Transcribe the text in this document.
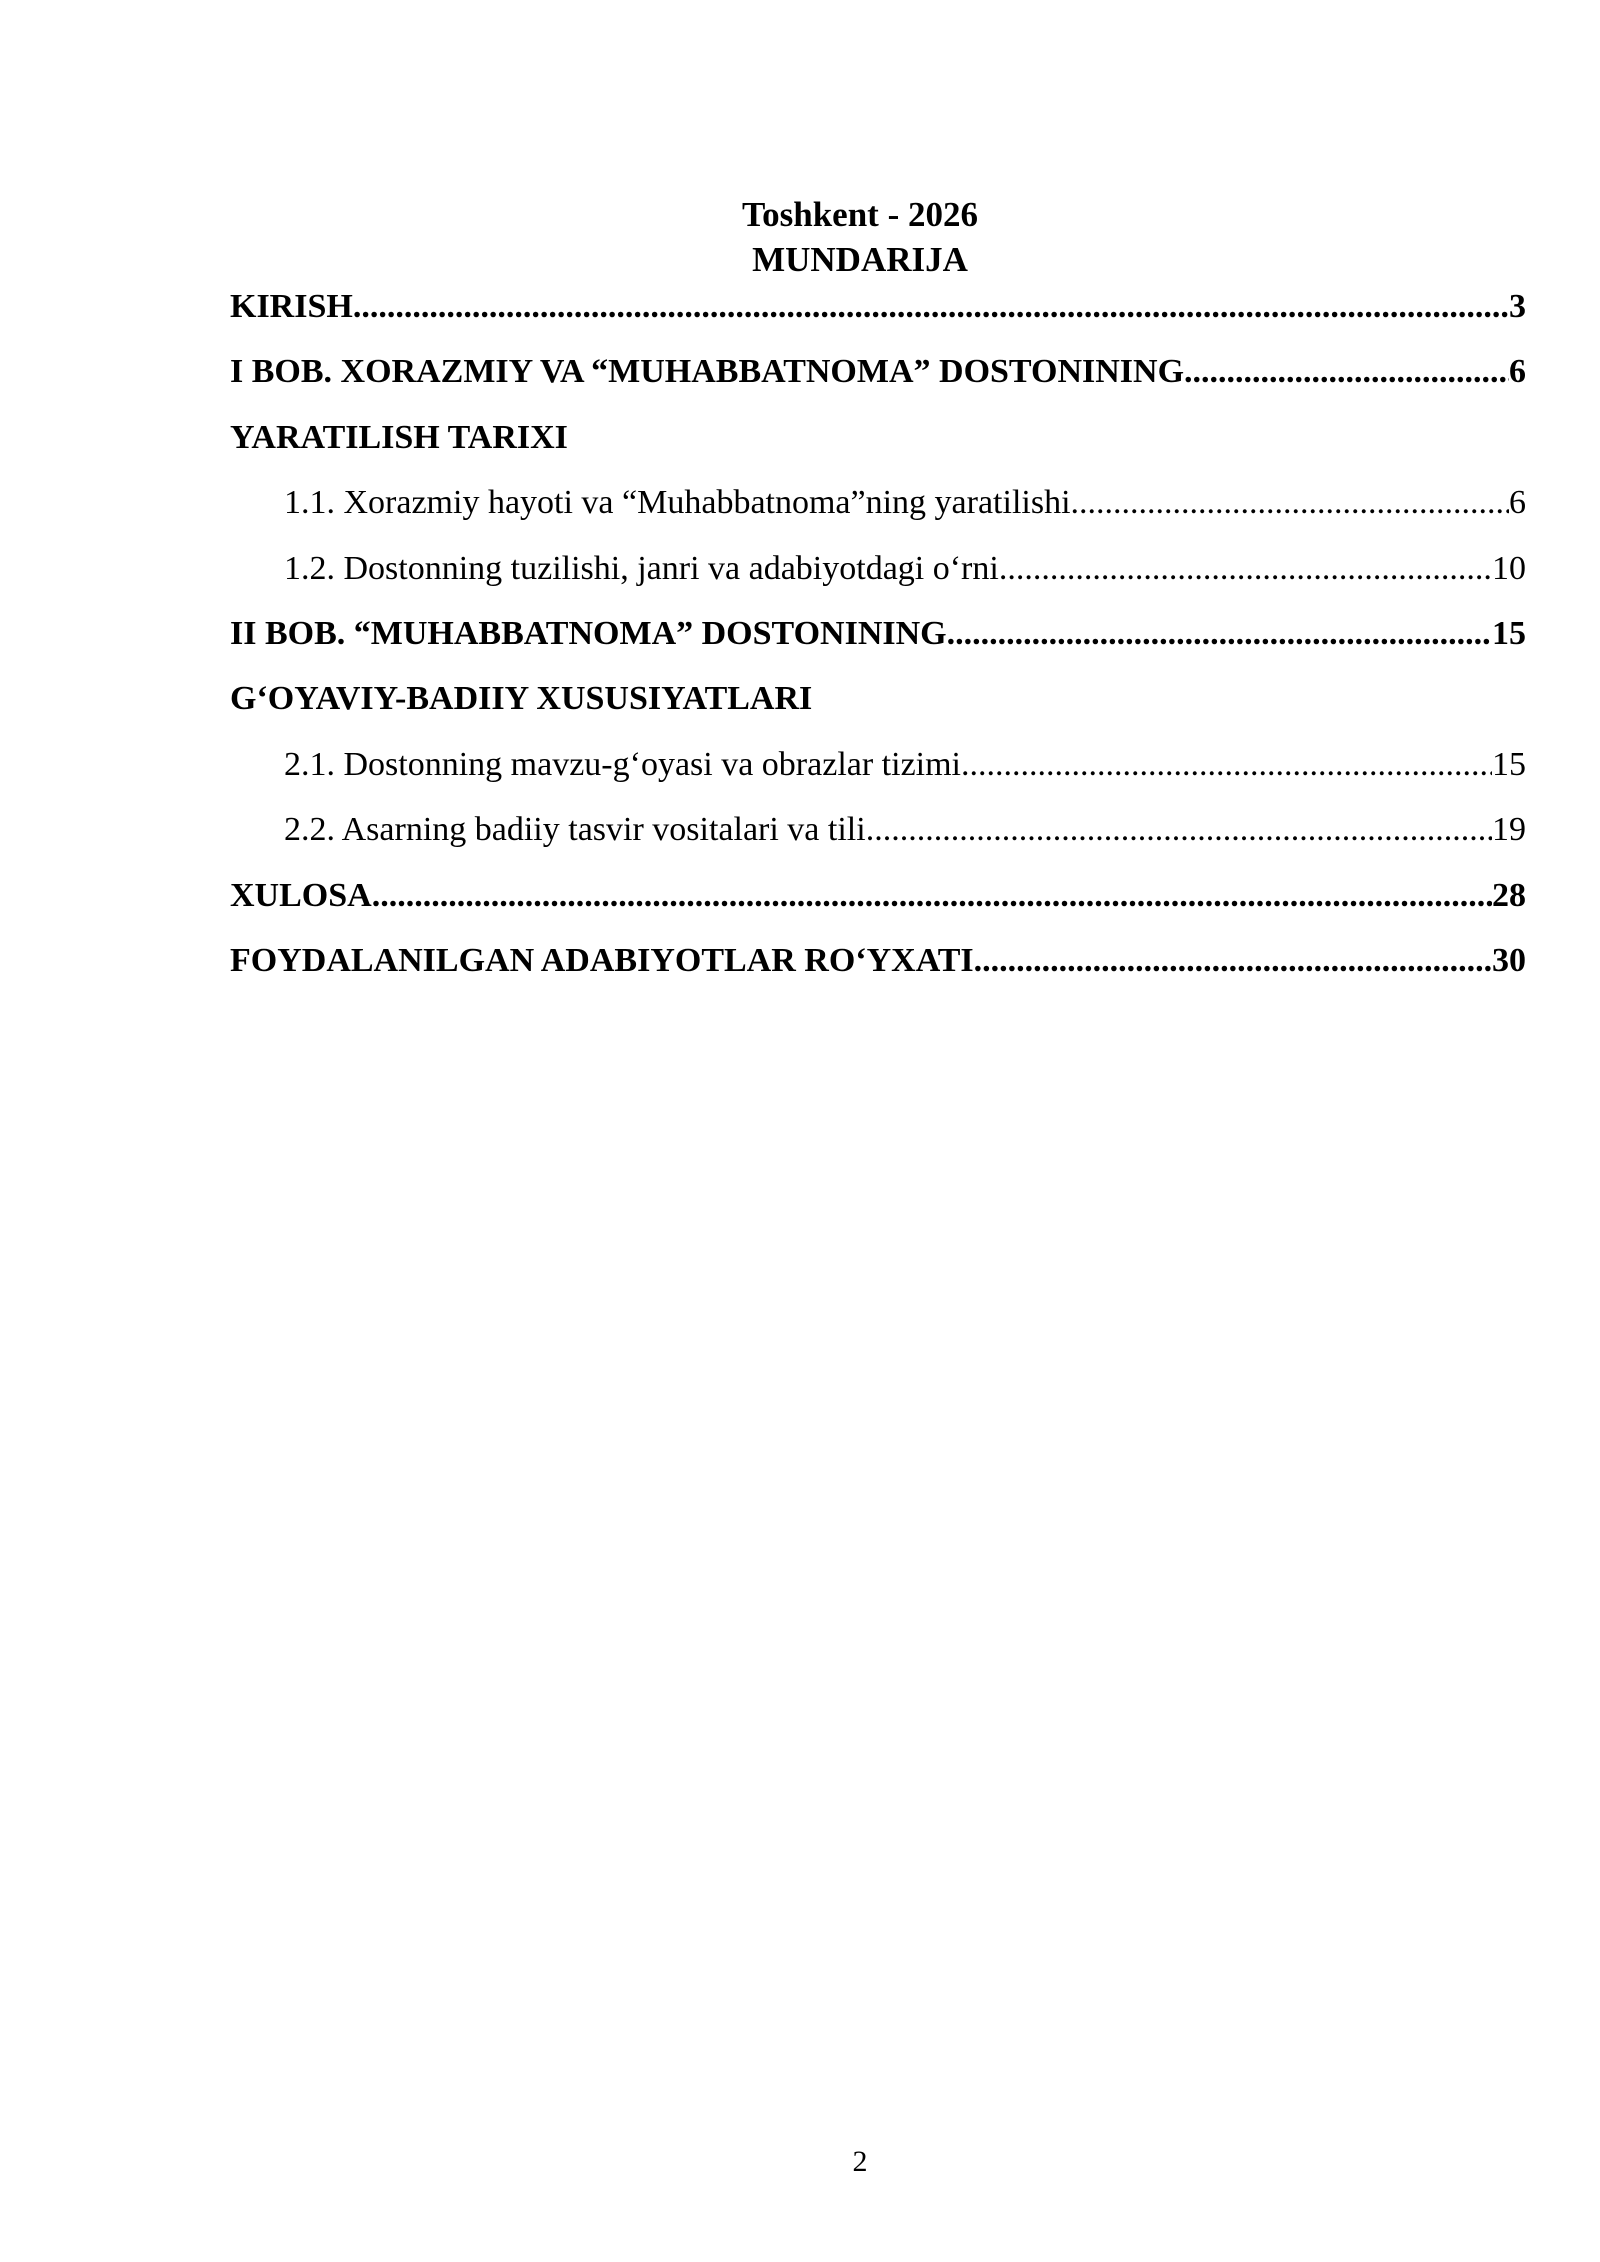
Toshkent - 2026
MUNDARIJA
KIRISH .....	3
I BOB. XORAZMIY VA “MUHABBATNOMA” DOSTONINING .....	6
YARATILISH TARIXI
1.1. Xorazmiy hayoti va “Muhabbatnoma”ning yaratilishi .....	6
1.2. Dostonning tuzilishi, janri va adabiyotdagi o‘rni .....	10
II BOB. “MUHABBATNOMA” DOSTONINING .....	15
G‘OYAVIY-BADIIY XUSUSIYATLARI
2.1. Dostonning mavzu-g‘oyasi va obrazlar tizimi .....	15
2.2. Asarning badiiy tasvir vositalari va tili .....	19
XULOSA .....	28
FOYDALANILGAN ADABIYOTLAR RO‘YXATI .....	30
2
